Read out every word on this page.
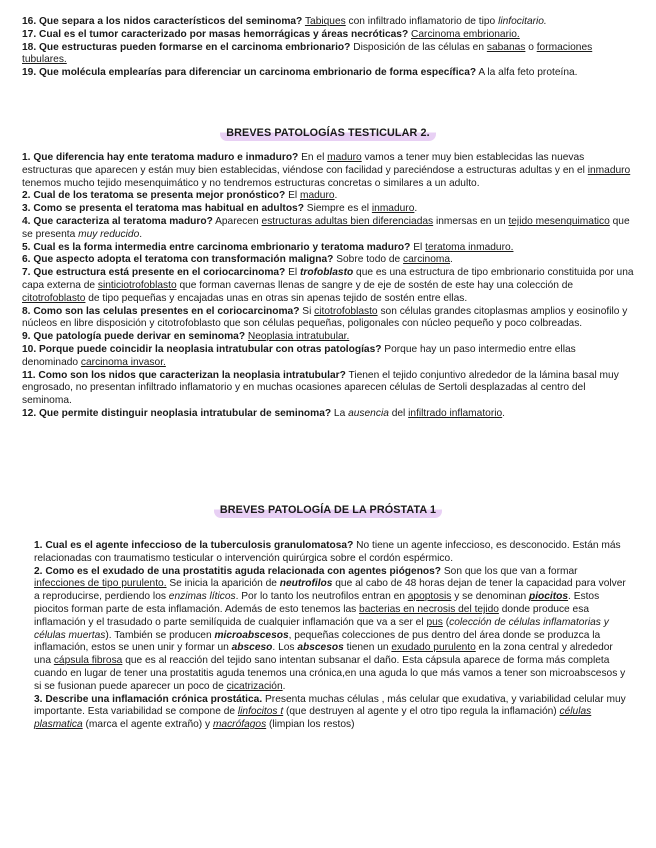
16. Que separa a los nidos característicos del seminoma? Tabiques con infiltrado inflamatorio de tipo linfocitario.

17. Cual es el tumor caracterizado por masas hemorrágicas y áreas necróticas? Carcinoma embrionario.

18. Que estructuras pueden formarse en el carcinoma embrionario? Disposición de las células en sabanas o formaciones tubulares.

19. Que molécula emplearías para diferenciar un carcinoma embrionario de forma específica? A la alfa feto proteína.

BREVES PATOLOGÍAS TESTICULAR 2.

1. Que diferencia hay ente teratoma maduro e inmaduro? En el maduro vamos a tener muy bien establecidas las nuevas estructuras que aparecen y están muy bien establecidas, viéndose con facilidad y pareciéndose a estructuras adultas y en el inmaduro tenemos mucho tejido mesenquimático y no tendremos estructuras concretas o similares a un adulto.

2. Cual de los teratoma se presenta mejor pronóstico? El maduro.

3. Como se presenta el teratoma mas habitual en adultos? Siempre es el inmaduro.

4. Que caracteriza al teratoma maduro? Aparecen estructuras adultas bien diferenciadas inmersas en un tejido mesenquimatico que se presenta muy reducido.

5. Cual es la forma intermedia entre carcinoma embrionario y teratoma maduro? El teratoma inmaduro.

6. Que aspecto adopta el teratoma con transformación maligna? Sobre todo de carcinoma.

7. Que estructura está presente en el coriocarcinoma? El trofoblasto que es una estructura de tipo embrionario constituida por una capa externa de sinticiotrofoblasto que forman cavernas llenas de sangre y de eje de sostén de este hay una colección de citotrofoblasto de tipo pequeñas y encajadas unas en otras sin apenas tejido de sostén entre ellas.

8. Como son las celulas presentes en el coriocarcinoma? Si citotrofoblasto son células grandes citoplasmas amplios y eosinofilo y núcleos en libre disposición y citotrofoblasto que son células pequeñas, poligonales con núcleo pequeño y poco colbreadas.

9. Que patología puede derivar en seminoma? Neoplasia intratubular.

10. Porque puede coincidir la neoplasia intratubular con otras patologías? Porque hay un paso intermedio entre ellas denominado carcinoma invasor.

11. Como son los nidos que caracterizan la neoplasia intratubular? Tienen el tejido conjuntivo alrededor de la lámina basal muy engrosado, no presentan infiltrado inflamatorio y en muchas ocasiones aparecen células de Sertoli desplazadas al centro del seminoma.

12. Que permite distinguir neoplasia intratubular de seminoma? La ausencia del infiltrado inflamatorio.

BREVES PATOLOGÍA DE LA PRÓSTATA 1

1. Cual es el agente infeccioso de la tuberculosis granulomatosa? No tiene un agente infeccioso, es desconocido. Están más relacionadas con traumatismo testicular o intervención quirúrgica sobre el cordón espérmico.

2. Como es el exudado de una prostatitis aguda relacionada con agentes piógenos? Son que los que van a formar infecciones de tipo purulento. Se inicia la aparición de neutrofilos que al cabo de 48 horas dejan de tener la capacidad para volver a reproducirse, perdiendo los enzimas líticos. Por lo tanto los neutrofilos entran en apoptosis y se denominan piocitos. Estos piocitos forman parte de esta inflamación. Además de esto tenemos las bacterias en necrosis del tejido donde produce esa inflamación y el trasudado o parte semilíquida de cualquier inflamación que va a ser el pus (colección de células inflamatorias y células muertas). También se producen microabscesos, pequeñas colecciones de pus dentro del área donde se produzca la inflamación, estos se unen unir y formar un absceso. Los abscesos tienen un exudado purulento en la zona central y alrededor una cápsula fibrosa que es al reacción del tejido sano intentan subsanar el daño. Esta cápsula aparece de forma más completa cuando en lugar de tener una prostatitis aguda tenemos una crónica,en una aguda lo que más vamos a tener son microabscesos y si se fusionan puede aparecer un poco de cicatrización.

3. Describe una inflamación crónica prostática. Presenta muchas células , más celular que exudativa, y variabilidad celular muy importante. Esta variabilidad se compone de linfocitos t (que destruyen al agente y el otro tipo regula la inflamación) células plasmatica (marca el agente extraño) y macrófagos (limpian los restos)
